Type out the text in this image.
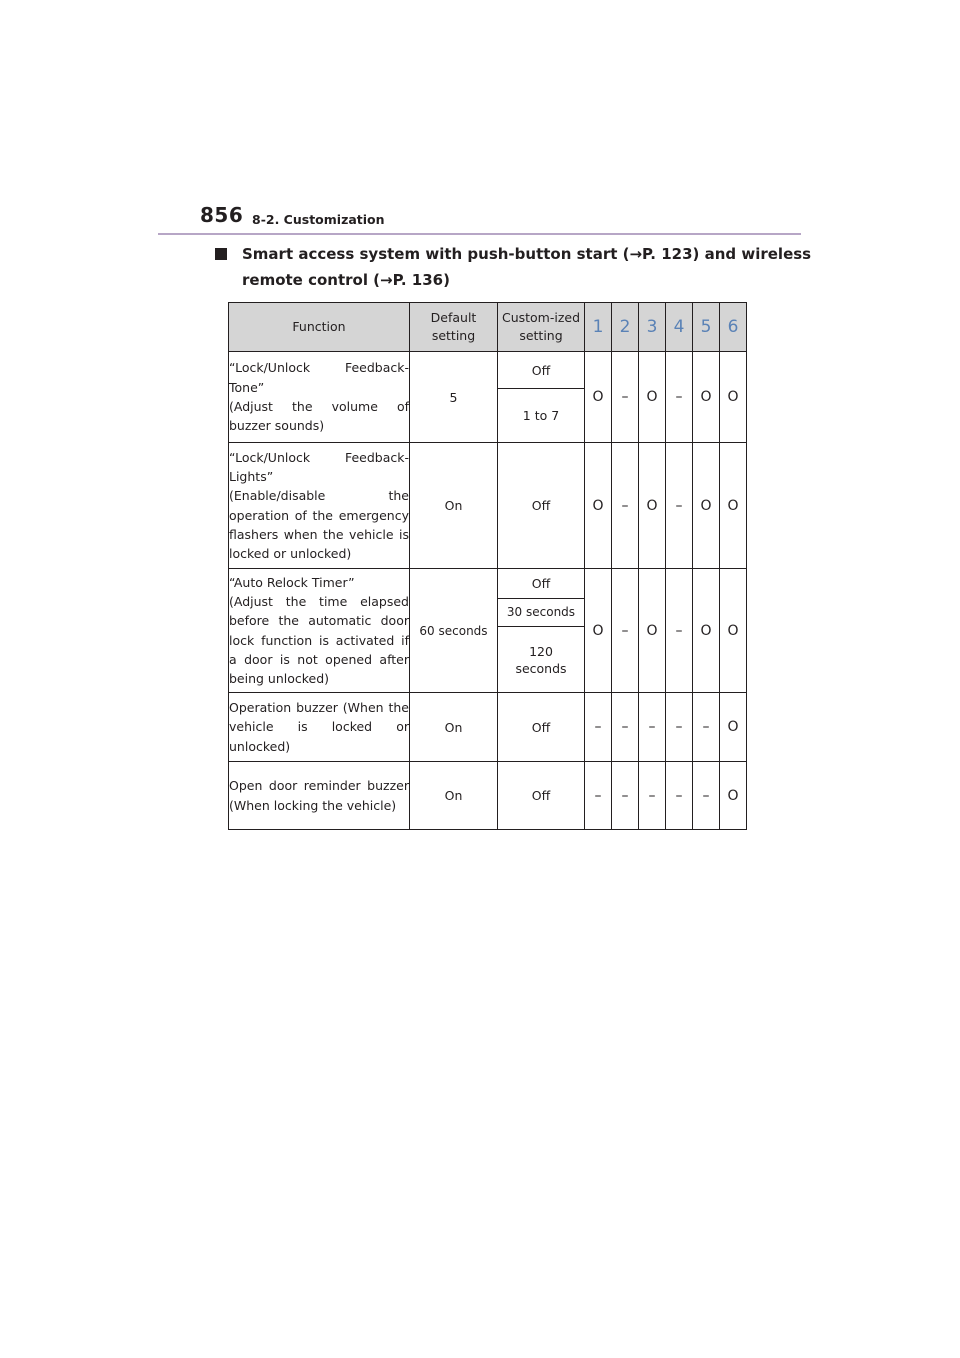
856 8-2. Customization
Smart access system with push-button start (→P. 123) and wireless
remote control (→P. 136)
Function	Default setting	Custom-ized setting	1	2	3	4	5	6
“Lock/Unlock Feedback-Tone”
(Adjust the volume of buzzer sounds)	5	Off	O	–	O	–	O	O
		1 to 7						
“Lock/Unlock Feedback-Lights”
(Enable/disable the operation of the emergency flashers when the vehicle is locked or unlocked)	On	Off	O	–	O	–	O	O
“Auto Relock Timer”
(Adjust the time elapsed before the automatic door lock function is activated if a door is not opened after being unlocked)	60 seconds	Off	O	–	O	–	O	O
		30 seconds						
		120 seconds						
Operation buzzer (When the vehicle is locked or unlocked)	On	Off	–	–	–	–	–	O
Open door reminder buzzer (When locking the vehicle)	On	Off	–	–	–	–	–	O
